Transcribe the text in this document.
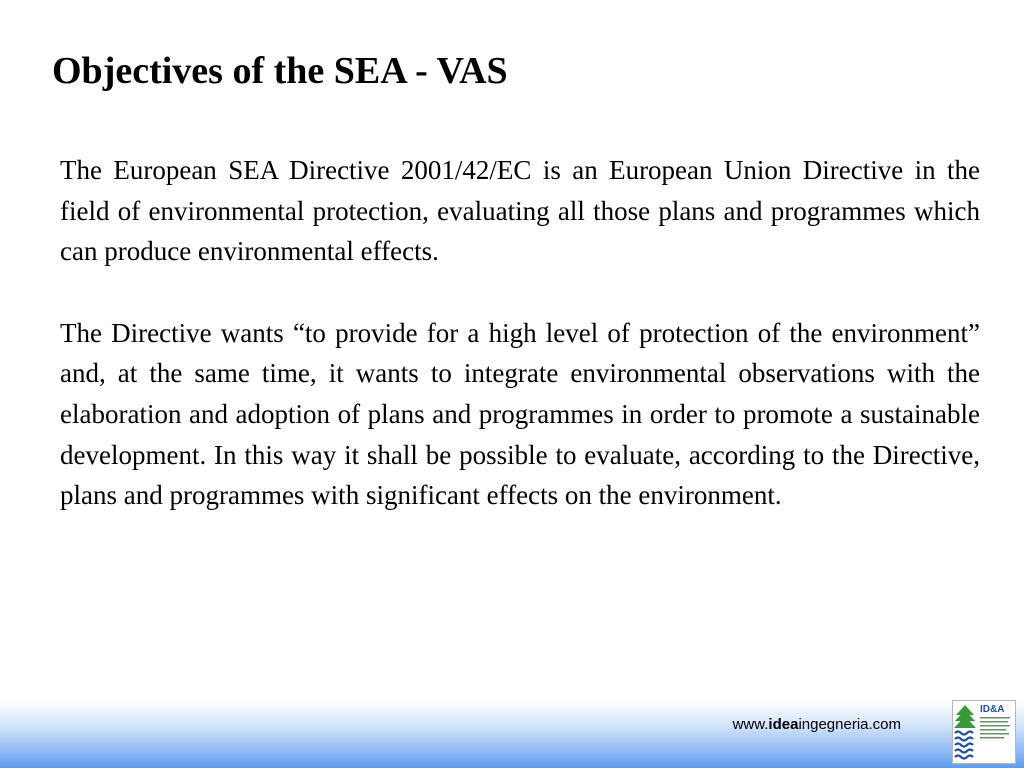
Objectives of the SEA - VAS

The European SEA Directive 2001/42/EC is an European Union Directive in the field of environmental protection, evaluating all those plans and programmes which can produce environmental effects.

The Directive wants “to provide for a high level of protection of the environment” and, at the same time, it wants to integrate environmental observations with the elaboration and adoption of plans and programmes in order to promote a sustainable development. In this way it shall be possible to evaluate, according to the Directive, plans and programmes with significant effects on the environment.

www.ideaingegneria.com
ID&A
